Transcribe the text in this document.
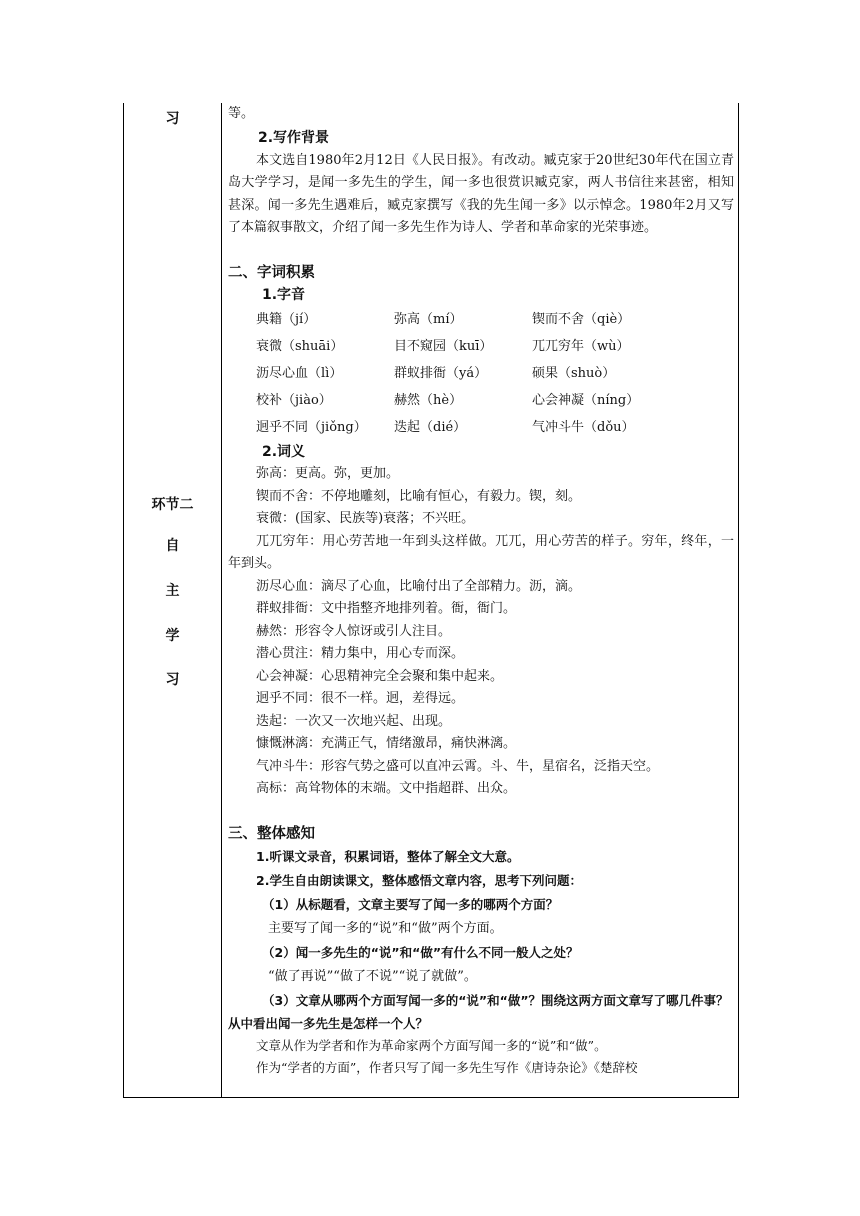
习
环节二
自
主
学
习

等。

2.写作背景

本文选自1980年2月12日《人民日报》。有改动。臧克家于20世纪30年代在国立青岛大学学习，是闻一多先生的学生，闻一多也很赏识臧克家，两人书信往来甚密，相知甚深。闻一多先生遇难后，臧克家撰写《我的先生闻一多》以示悼念。1980年2月又写了本篇叙事散文，介绍了闻一多先生作为诗人、学者和革命家的光荣事迹。

二、字词积累

1.字音

典籍（jí）	弥高（mí）	锲而不舍（qiè）
衰微（shuāi）	目不窥园（kuī）	兀兀穷年（wù）
沥尽心血（lì）	群蚁排衙（yá）	硕果（shuò）
校补（jiào）	赫然（hè）	心会神凝（níng）
迥乎不同（jiǒng）	迭起（dié）	气冲斗牛（dǒu）

2.词义

弥高：更高。弥，更加。

锲而不舍：不停地雕刻，比喻有恒心，有毅力。锲，刻。

衰微：(国家、民族等)衰落；不兴旺。

兀兀穷年：用心劳苦地一年到头这样做。兀兀，用心劳苦的样子。穷年，终年，一年到头。

沥尽心血：滴尽了心血，比喻付出了全部精力。沥，滴。

群蚁排衙：文中指整齐地排列着。衙，衙门。

赫然：形容令人惊讶或引人注目。

潜心贯注：精力集中，用心专而深。

心会神凝：心思精神完全会聚和集中起来。

迥乎不同：很不一样。迥，差得远。

迭起：一次又一次地兴起、出现。

慷慨淋漓：充满正气，情绪激昂，痛快淋漓。

气冲斗牛：形容气势之盛可以直冲云霄。斗、牛，星宿名，泛指天空。

高标：高耸物体的末端。文中指超群、出众。

三、整体感知

1.听课文录音，积累词语，整体了解全文大意。

2.学生自由朗读课文，整体感悟文章内容，思考下列问题：

（1）从标题看，文章主要写了闻一多的哪两个方面？

主要写了闻一多的“说”和“做”两个方面。

（2）闻一多先生的“说”和“做”有什么不同一般人之处？

“做了再说”“做了不说”“说了就做”。

（3）文章从哪两个方面写闻一多的“说”和“做”？围绕这两方面文章写了哪几件事？从中看出闻一多先生是怎样一个人？

文章从作为学者和作为革命家两个方面写闻一多的“说”和“做”。

作为“学者的方面”，作者只写了闻一多先生写作《唐诗杂论》《楚辞校
